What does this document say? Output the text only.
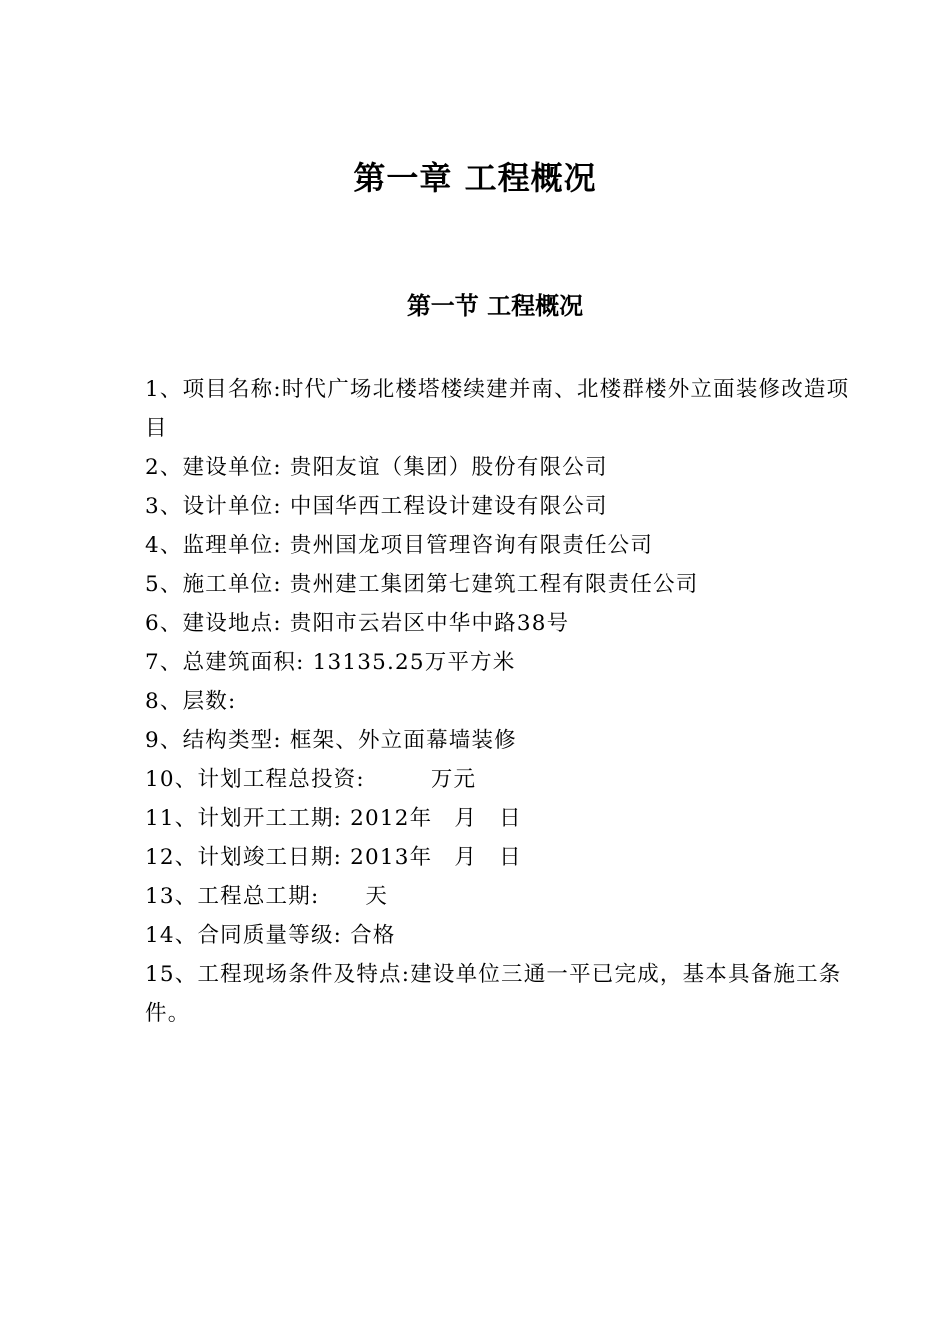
第一章 工程概况
第一节 工程概况

1、项目名称:时代广场北楼塔楼续建并南、北楼群楼外立面装修改造项目

2、建设单位: 贵阳友谊（集团）股份有限公司

3、设计单位: 中国华西工程设计建设有限公司

4、监理单位: 贵州国龙项目管理咨询有限责任公司

5、施工单位: 贵州建工集团第七建筑工程有限责任公司

6、建设地点: 贵阳市云岩区中华中路38号

7、总建筑面积: 13135.25万平方米

8、层数:

9、结构类型: 框架、外立面幕墙装修

10、计划工程总投资:	万元

11、计划开工工期: 2012年 月 日

12、计划竣工日期: 2013年 月 日

13、工程总工期: 天

14、合同质量等级: 合格

15、工程现场条件及特点:建设单位三通一平已完成，基本具备施工条件。
